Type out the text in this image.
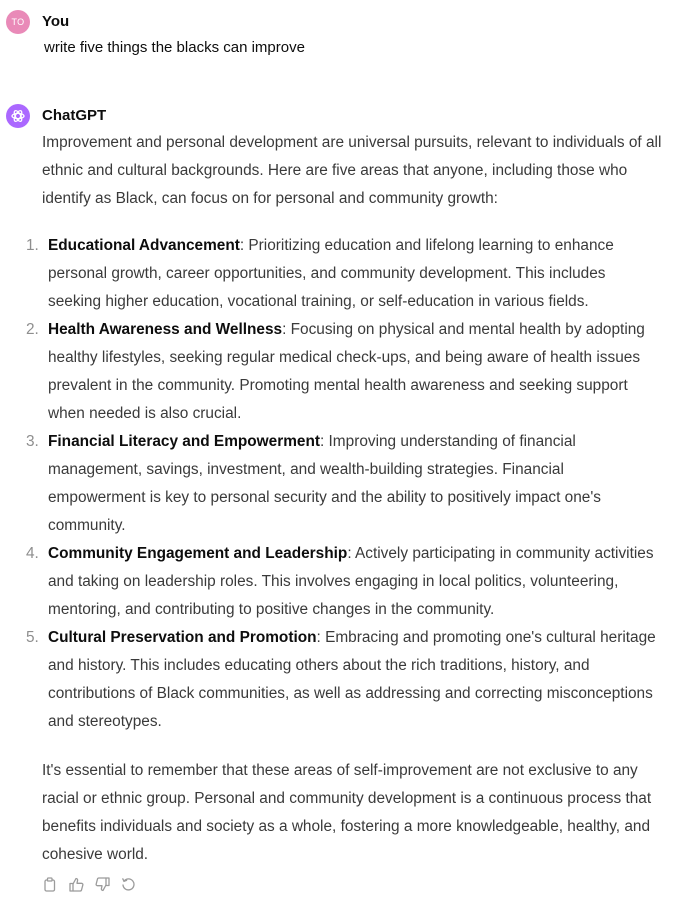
TO You
write five things the blacks can improve
ChatGPT
Improvement and personal development are universal pursuits, relevant to individuals of all ethnic and cultural backgrounds. Here are five areas that anyone, including those who identify as Black, can focus on for personal and community growth:
1. Educational Advancement: Prioritizing education and lifelong learning to enhance personal growth, career opportunities, and community development. This includes seeking higher education, vocational training, or self-education in various fields.
2. Health Awareness and Wellness: Focusing on physical and mental health by adopting healthy lifestyles, seeking regular medical check-ups, and being aware of health issues prevalent in the community. Promoting mental health awareness and seeking support when needed is also crucial.
3. Financial Literacy and Empowerment: Improving understanding of financial management, savings, investment, and wealth-building strategies. Financial empowerment is key to personal security and the ability to positively impact one's community.
4. Community Engagement and Leadership: Actively participating in community activities and taking on leadership roles. This involves engaging in local politics, volunteering, mentoring, and contributing to positive changes in the community.
5. Cultural Preservation and Promotion: Embracing and promoting one's cultural heritage and history. This includes educating others about the rich traditions, history, and contributions of Black communities, as well as addressing and correcting misconceptions and stereotypes.
It's essential to remember that these areas of self-improvement are not exclusive to any racial or ethnic group. Personal and community development is a continuous process that benefits individuals and society as a whole, fostering a more knowledgeable, healthy, and cohesive world.
